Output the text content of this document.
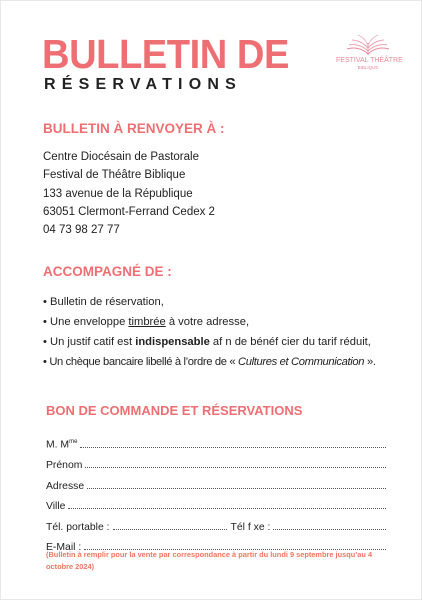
BULLETIN DE
RÉSERVATIONS
FESTIVAL THÉÂTRE
BIBLIQUE
BULLETIN À RENVOYER À :
Centre Diocésain de Pastorale
Festival de Théâtre Biblique
133 avenue de la République
63051 Clermont-Ferrand Cedex 2
04 73 98 27 77
ACCOMPAGNÉ DE :
• Bulletin de réservation,
• Une enveloppe timbrée à votre adresse,
• Un justif catif est indispensable af n de bénéf cier du tarif réduit,
• Un chèque bancaire libellé à l’ordre de « Cultures et Communication ».
BON DE COMMANDE ET RÉSERVATIONS
M. $M^{me}$
Prénom
Adresse
Ville
Tél. portable :	Tél f xe :
E-Mail :
(Bulletin à remplir pour la vente par correspondance à partir du lundi 9 septembre jusqu’au 4 octobre 2024)
